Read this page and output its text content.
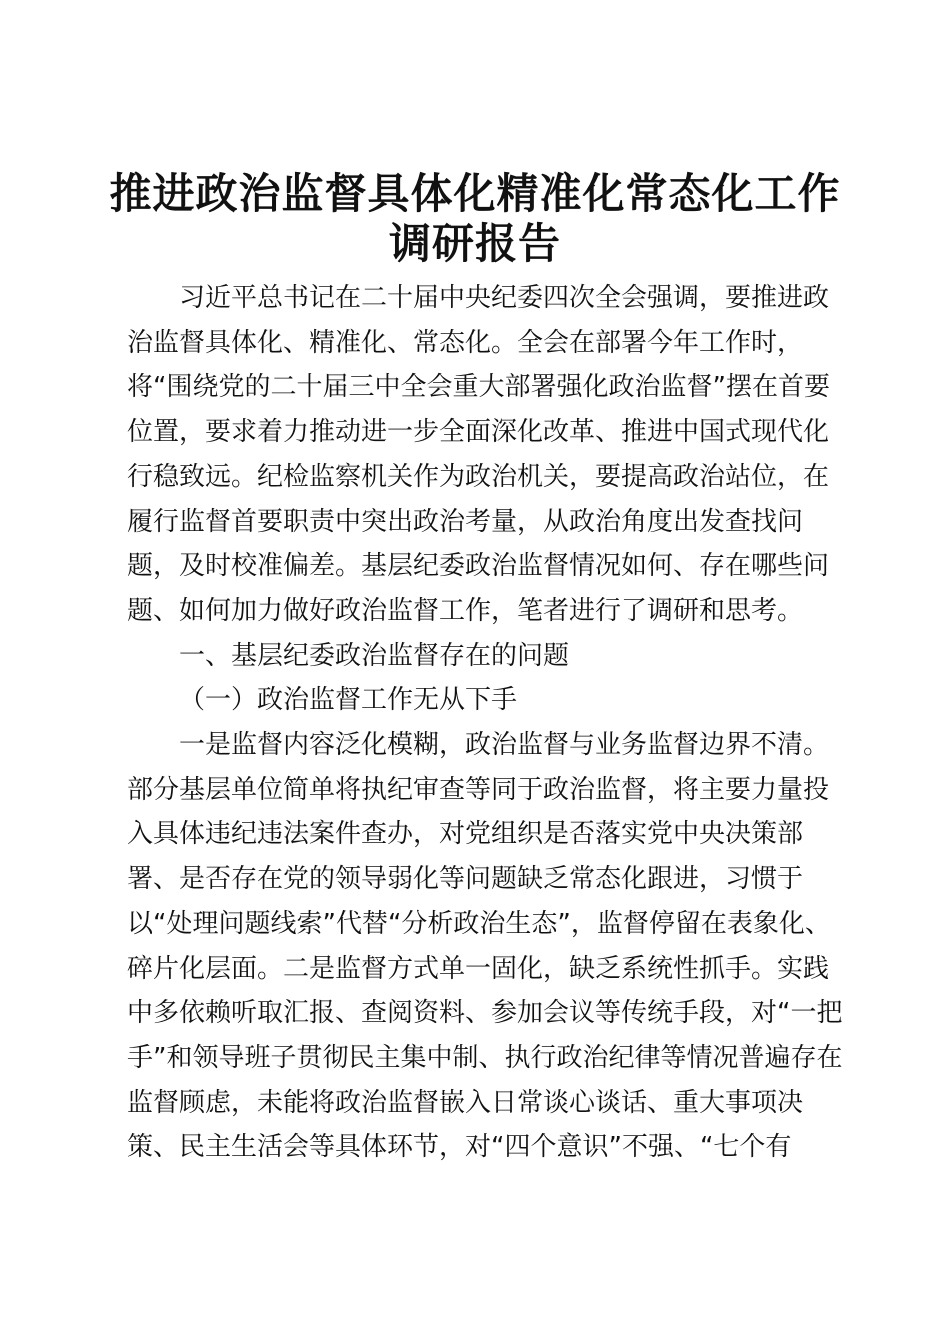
推进政治监督具体化精准化常态化工作
调研报告

习近平总书记在二十届中央纪委四次全会强调，要推进政

治监督具体化、精准化、常态化。全会在部署今年工作时，

将“围绕党的二十届三中全会重大部署强化政治监督”摆在首要

位置，要求着力推动进一步全面深化改革、推进中国式现代化

行稳致远。纪检监察机关作为政治机关，要提高政治站位，在

履行监督首要职责中突出政治考量，从政治角度出发查找问

题，及时校准偏差。基层纪委政治监督情况如何、存在哪些问

题、如何加力做好政治监督工作，笔者进行了调研和思考。

一、基层纪委政治监督存在的问题

（一）政治监督工作无从下手

一是监督内容泛化模糊，政治监督与业务监督边界不清。

部分基层单位简单将执纪审查等同于政治监督，将主要力量投

入具体违纪违法案件查办，对党组织是否落实党中央决策部

署、是否存在党的领导弱化等问题缺乏常态化跟进，习惯于

以“处理问题线索”代替“分析政治生态”，监督停留在表象化、

碎片化层面。二是监督方式单一固化，缺乏系统性抓手。实践

中多依赖听取汇报、查阅资料、参加会议等传统手段，对“一把

手”和领导班子贯彻民主集中制、执行政治纪律等情况普遍存在

监督顾虑，未能将政治监督嵌入日常谈心谈话、重大事项决

策、民主生活会等具体环节，对“四个意识”不强、“七个有
